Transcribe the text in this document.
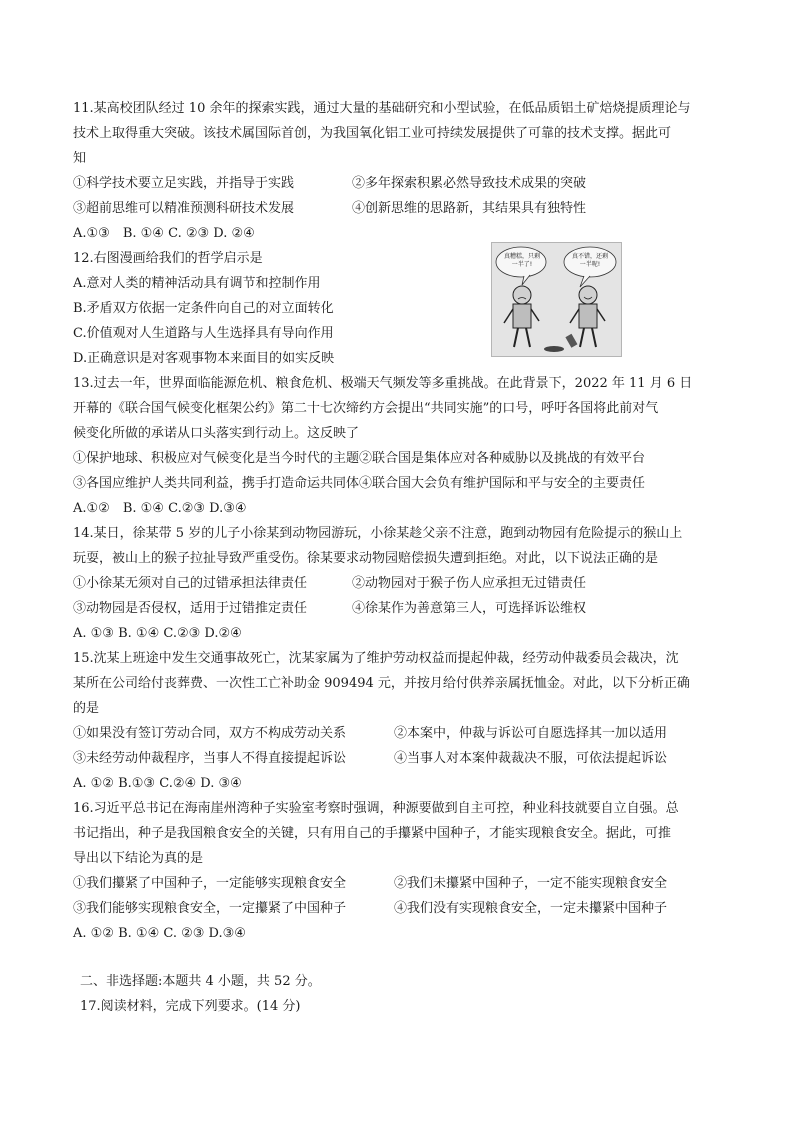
11.某高校团队经过 10 余年的探索实践，通过大量的基础研究和小型试验，在低品质铝土矿焙烧提质理论与
技术上取得重大突破。该技术属国际首创，为我国氧化铝工业可持续发展提供了可靠的技术支撑。据此可
知
①科学技术要立足实践，并指导于实践	②多年探索积累必然导致技术成果的突破
③超前思维可以精准预测科研技术发展	④创新思维的思路新，其结果具有独特性
A.①③　B. ①④ C. ②③ D. ②④
12.右图漫画给我们的哲学启示是
A.意对人类的精神活动具有调节和控制作用
B.矛盾双方依据一定条件向自己的对立面转化
C.价值观对人生道路与人生选择具有导向作用
D.正确意识是对客观事物本来面目的如实反映
真糟糕，只剩一半了!
真不错，还剩一半呢!
13.过去一年，世界面临能源危机、粮食危机、极端天气频发等多重挑战。在此背景下，2022 年 11 月 6 日
开幕的《联合国气候变化框架公约》第二十七次缔约方会提出“共同实施”的口号，呼吁各国将此前对气
候变化所做的承诺从口头落实到行动上。这反映了
①保护地球、积极应对气候变化是当今时代的主题②联合国是集体应对各种威胁以及挑战的有效平台
③各国应维护人类共同利益，携手打造命运共同体④联合国大会负有维护国际和平与安全的主要责任
A.①②　B. ①④ C.②③ D.③④
14.某日，徐某带 5 岁的儿子小徐某到动物园游玩，小徐某趁父亲不注意，跑到动物园有危险提示的猴山上
玩耍，被山上的猴子拉扯导致严重受伤。徐某要求动物园赔偿损失遭到拒绝。对此，以下说法正确的是
①小徐某无须对自己的过错承担法律责任	②动物园对于猴子伤人应承担无过错责任
③动物园是否侵权，适用于过错推定责任	④徐某作为善意第三人，可选择诉讼维权
A. ①③ B. ①④ C.②③ D.②④
15.沈某上班途中发生交通事故死亡，沈某家属为了维护劳动权益而提起仲裁，经劳动仲裁委员会裁决，沈
某所在公司给付丧葬费、一次性工亡补助金 909494 元，并按月给付供养亲属抚恤金。对此，以下分析正确
的是
①如果没有签订劳动合同，双方不构成劳动关系	②本案中，仲裁与诉讼可自愿选择其一加以适用
③未经劳动仲裁程序，当事人不得直接提起诉讼	④当事人对本案仲裁裁决不服，可依法提起诉讼
A. ①② B.①③ C.②④ D. ③④
16.习近平总书记在海南崖州湾种子实验室考察时强调，种源要做到自主可控，种业科技就要自立自强。总
书记指出，种子是我国粮食安全的关键，只有用自己的手攥紧中国种子，才能实现粮食安全。据此，可推
导出以下结论为真的是
①我们攥紧了中国种子，一定能够实现粮食安全	②我们未攥紧中国种子，一定不能实现粮食安全
③我们能够实现粮食安全，一定攥紧了中国种子	④我们没有实现粮食安全，一定未攥紧中国种子
A. ①② B. ①④ C. ②③ D.③④
二、非选择题:本题共 4 小题，共 52 分。
17.阅读材料，完成下列要求。(14 分)
